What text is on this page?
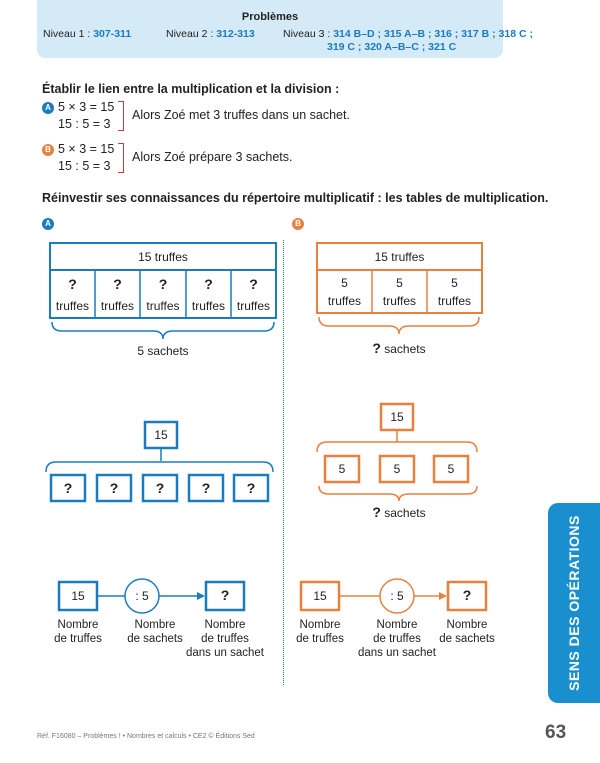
Problèmes
Niveau 1 : 307-311	Niveau 2 : 312-313	Niveau 3 : 314 B–D ; 315 A–B ; 316 ; 317 B ; 318 C ;
319 C ; 320 A–B–C ; 321 C
Établir le lien entre la multiplication et la division :
A 5 × 3 = 15
15 : 5 = 3
Alors Zoé met 3 truffes dans un sachet.
B 5 × 3 = 15
15 : 5 = 3
Alors Zoé prépare 3 sachets.
Réinvestir ses connaissances du répertoire multiplicatif : les tables de multiplication.
A	B
15 truffes
?	?	?	?	?
truffes truffes	truffes	truffes truffes
5 sachets
15
?	?	?	?	?
15	: 5	?
Nombre
de truffes
Nombre
de sachets
Nombre
de truffes
dans un sachet
15 truffes
5	5	5
truffes	truffes	truffes
? sachets
15
5	5	5
? sachets
15	: 5	?
Nombre
de truffes
Nombre
de truffes
dans un sachet
Nombre
de sachets	SENS DES OPÉRATIONS
Réf. F16080 – Problèmes ! • Nombres et calculs • CE2 © Éditions Sed	63
